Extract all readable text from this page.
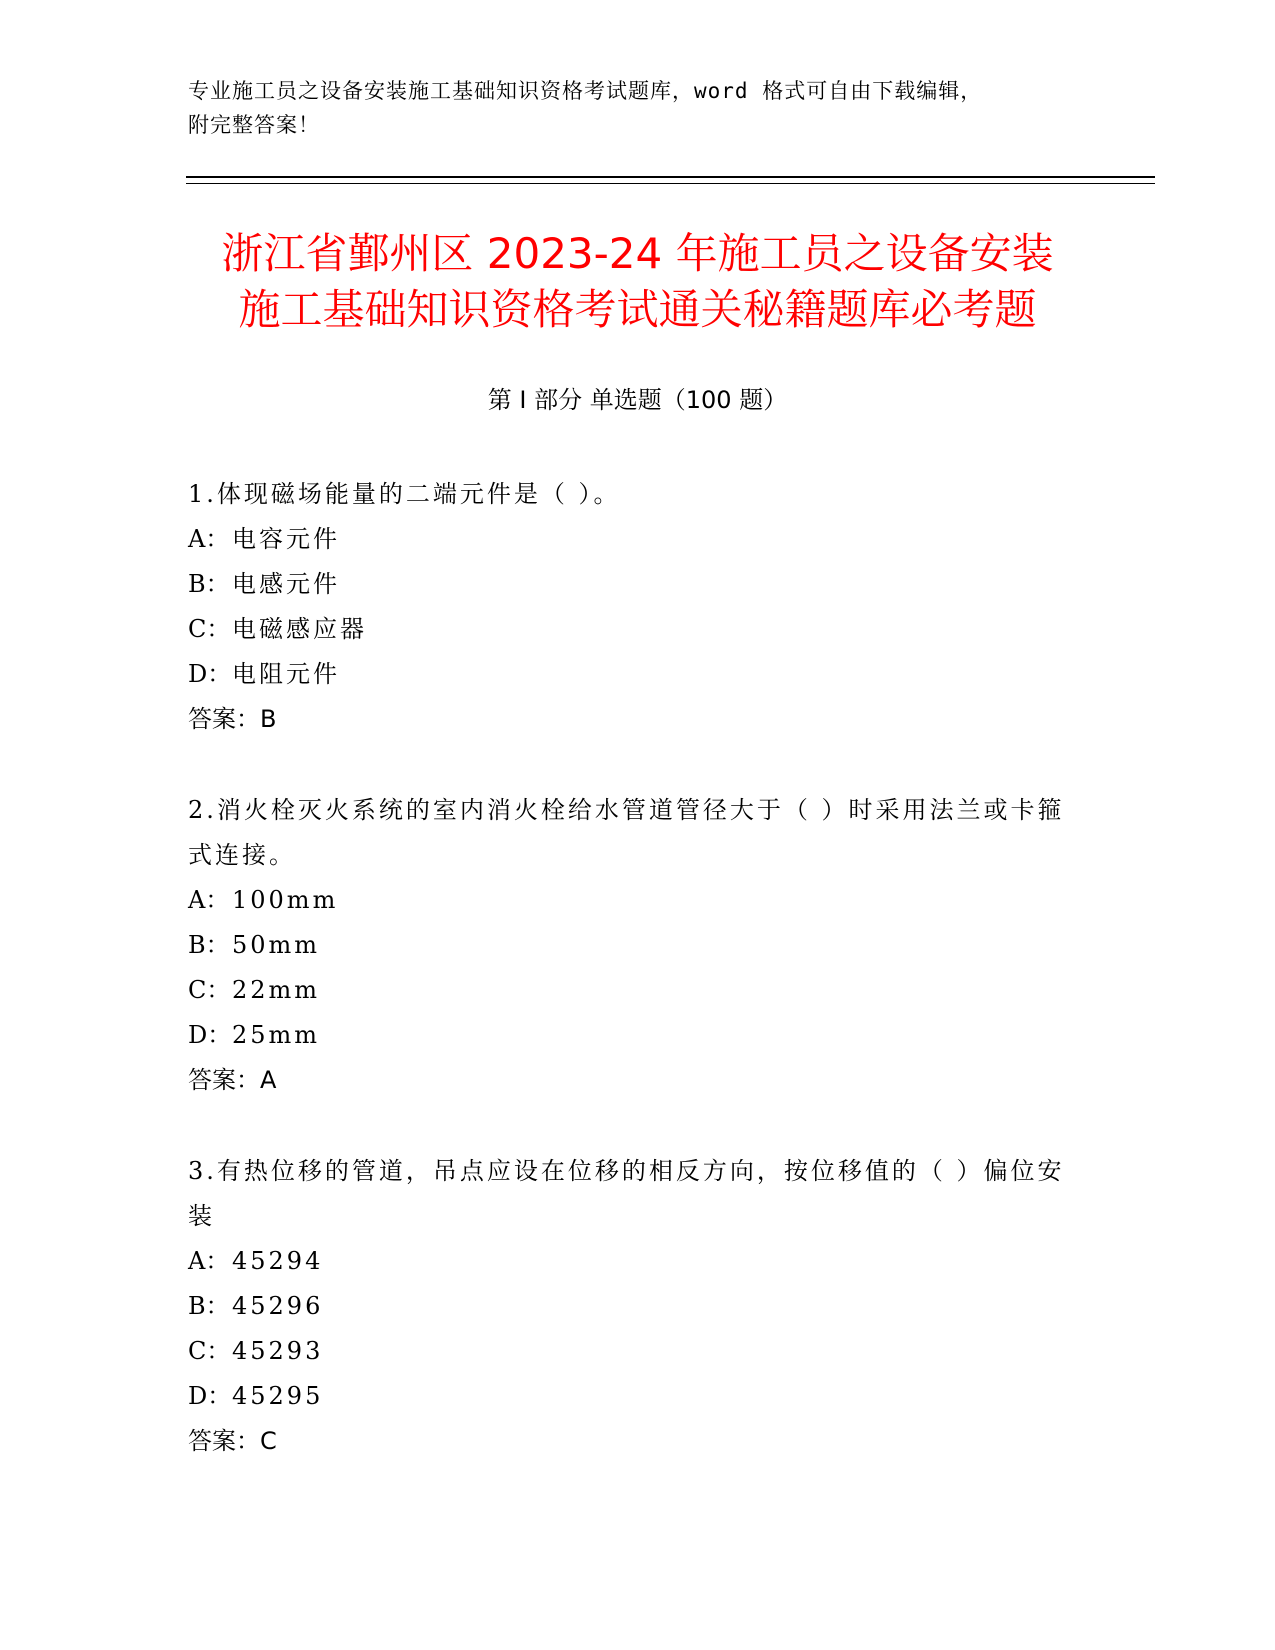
专业施工员之设备安装施工基础知识资格考试题库，word 格式可自由下载编辑，
附完整答案！
浙江省鄞州区 2023-24 年施工员之设备安装
施工基础知识资格考试通关秘籍题库必考题
第 I 部分 单选题（100 题）

1.体现磁场能量的二端元件是（ ）。

A： 电容元件

B：电感元件

C：电磁感应器

D：电阻元件

答案：B

2.消火栓灭火系统的室内消火栓给水管道管径大于（ ）时采用法兰或卡箍式连接。

A： 100mm

B：50mm

C：22mm

D：25mm

答案：A

3.有热位移的管道，吊点应设在位移的相反方向，按位移值的（ ）偏位安装

A： 45294

B：45296

C：45293

D：45295

答案：C
